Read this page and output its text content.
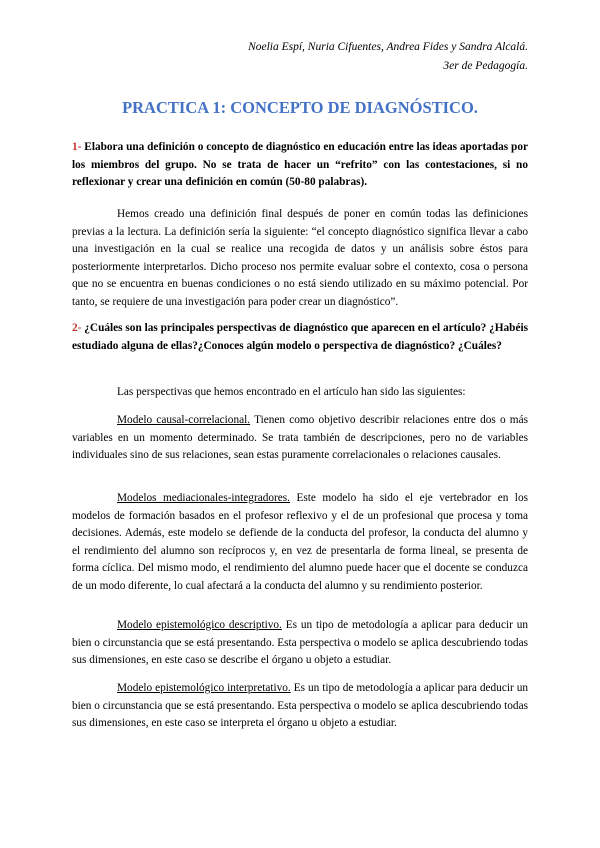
Noelia Espí, Nuria Cifuentes, Andrea Fides y Sandra Alcalá.
3er de Pedagogía.
PRACTICA 1: CONCEPTO DE DIAGNÓSTICO.

1- Elabora una definición o concepto de diagnóstico en educación entre las ideas aportadas por los miembros del grupo. No se trata de hacer un “refrito” con las contestaciones, si no reflexionar y crear una definición en común (50-80 palabras).

Hemos creado una definición final después de poner en común todas las definiciones previas a la lectura. La definición sería la siguiente: “el concepto diagnóstico significa llevar a cabo una investigación en la cual se realice una recogida de datos y un análisis sobre éstos para posteriormente interpretarlos. Dicho proceso nos permite evaluar sobre el contexto, cosa o persona que no se encuentra en buenas condiciones o no está siendo utilizado en su máximo potencial. Por tanto, se requiere de una investigación para poder crear un diagnóstico”.

2- ¿Cuáles son las principales perspectivas de diagnóstico que aparecen en el artículo? ¿Habéis estudiado alguna de ellas?¿Conoces algún modelo o perspectiva de diagnóstico? ¿Cuáles?

Las perspectivas que hemos encontrado en el artículo han sido las siguientes:

Modelo causal-correlacional. Tienen como objetivo describir relaciones entre dos o más variables en un momento determinado. Se trata también de descripciones, pero no de variables individuales sino de sus relaciones, sean estas puramente correlacionales o relaciones causales.

Modelos mediacionales-integradores. Este modelo ha sido el eje vertebrador en los modelos de formación basados en el profesor reflexivo y el de un profesional que procesa y toma decisiones. Además, este modelo se defiende de la conducta del profesor, la conducta del alumno y el rendimiento del alumno son recíprocos y, en vez de presentarla de forma lineal, se presenta de forma cíclica. Del mismo modo, el rendimiento del alumno puede hacer que el docente se conduzca de un modo diferente, lo cual afectará a la conducta del alumno y su rendimiento posterior.

Modelo epistemológico descriptivo. Es un tipo de metodología a aplicar para deducir un bien o circunstancia que se está presentando. Esta perspectiva o modelo se aplica descubriendo todas sus dimensiones, en este caso se describe el órgano u objeto a estudiar.

Modelo epistemológico interpretativo. Es un tipo de metodología a aplicar para deducir un bien o circunstancia que se está presentando. Esta perspectiva o modelo se aplica descubriendo todas sus dimensiones, en este caso se interpreta el órgano u objeto a estudiar.
